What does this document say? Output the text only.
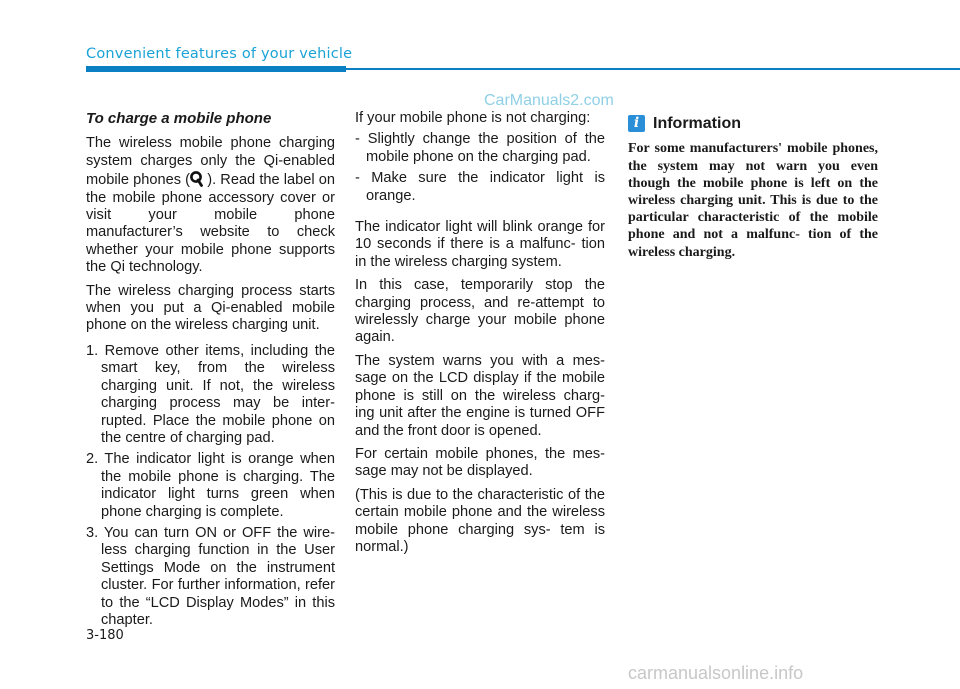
Convenient features of your vehicle
CarManuals2.com

To charge a mobile phone

The wireless mobile phone charging system charges only the Qi-enabled mobile phones ( ). Read the label on the mobile phone accessory cover or visit your mobile phone manufacturer’s website to check whether your mobile phone supports the Qi technology.

The wireless charging process starts when you put a Qi-enabled mobile phone on the wireless charging unit.

1. Remove other items, including the smart key, from the wireless charging unit. If not, the wireless charging process may be inter- rupted. Place the mobile phone on the centre of charging pad.
2. The indicator light is orange when the mobile phone is charging. The indicator light turns green when phone charging is complete.
3. You can turn ON or OFF the wire- less charging function in the User Settings Mode on the instrument cluster. For further information, refer to the “LCD Display Modes” in this chapter.

If your mobile phone is not charging:

- Slightly change the position of the mobile phone on the charging pad.
- Make sure the indicator light is orange.

The indicator light will blink orange for 10 seconds if there is a malfunc- tion in the wireless charging system.

In this case, temporarily stop the charging process, and re-attempt to wirelessly charge your mobile phone again.

The system warns you with a mes- sage on the LCD display if the mobile phone is still on the wireless charg- ing unit after the engine is turned OFF and the front door is opened.

For certain mobile phones, the mes- sage may not be displayed.

(This is due to the characteristic of the certain mobile phone and the wireless mobile phone charging sys- tem is normal.)

i Information

For some manufacturers' mobile phones, the system may not warn you even though the mobile phone is left on the wireless charging unit. This is due to the particular characteristic of the mobile phone and not a malfunc- tion of the wireless charging.

3-180
carmanualsonline.info
